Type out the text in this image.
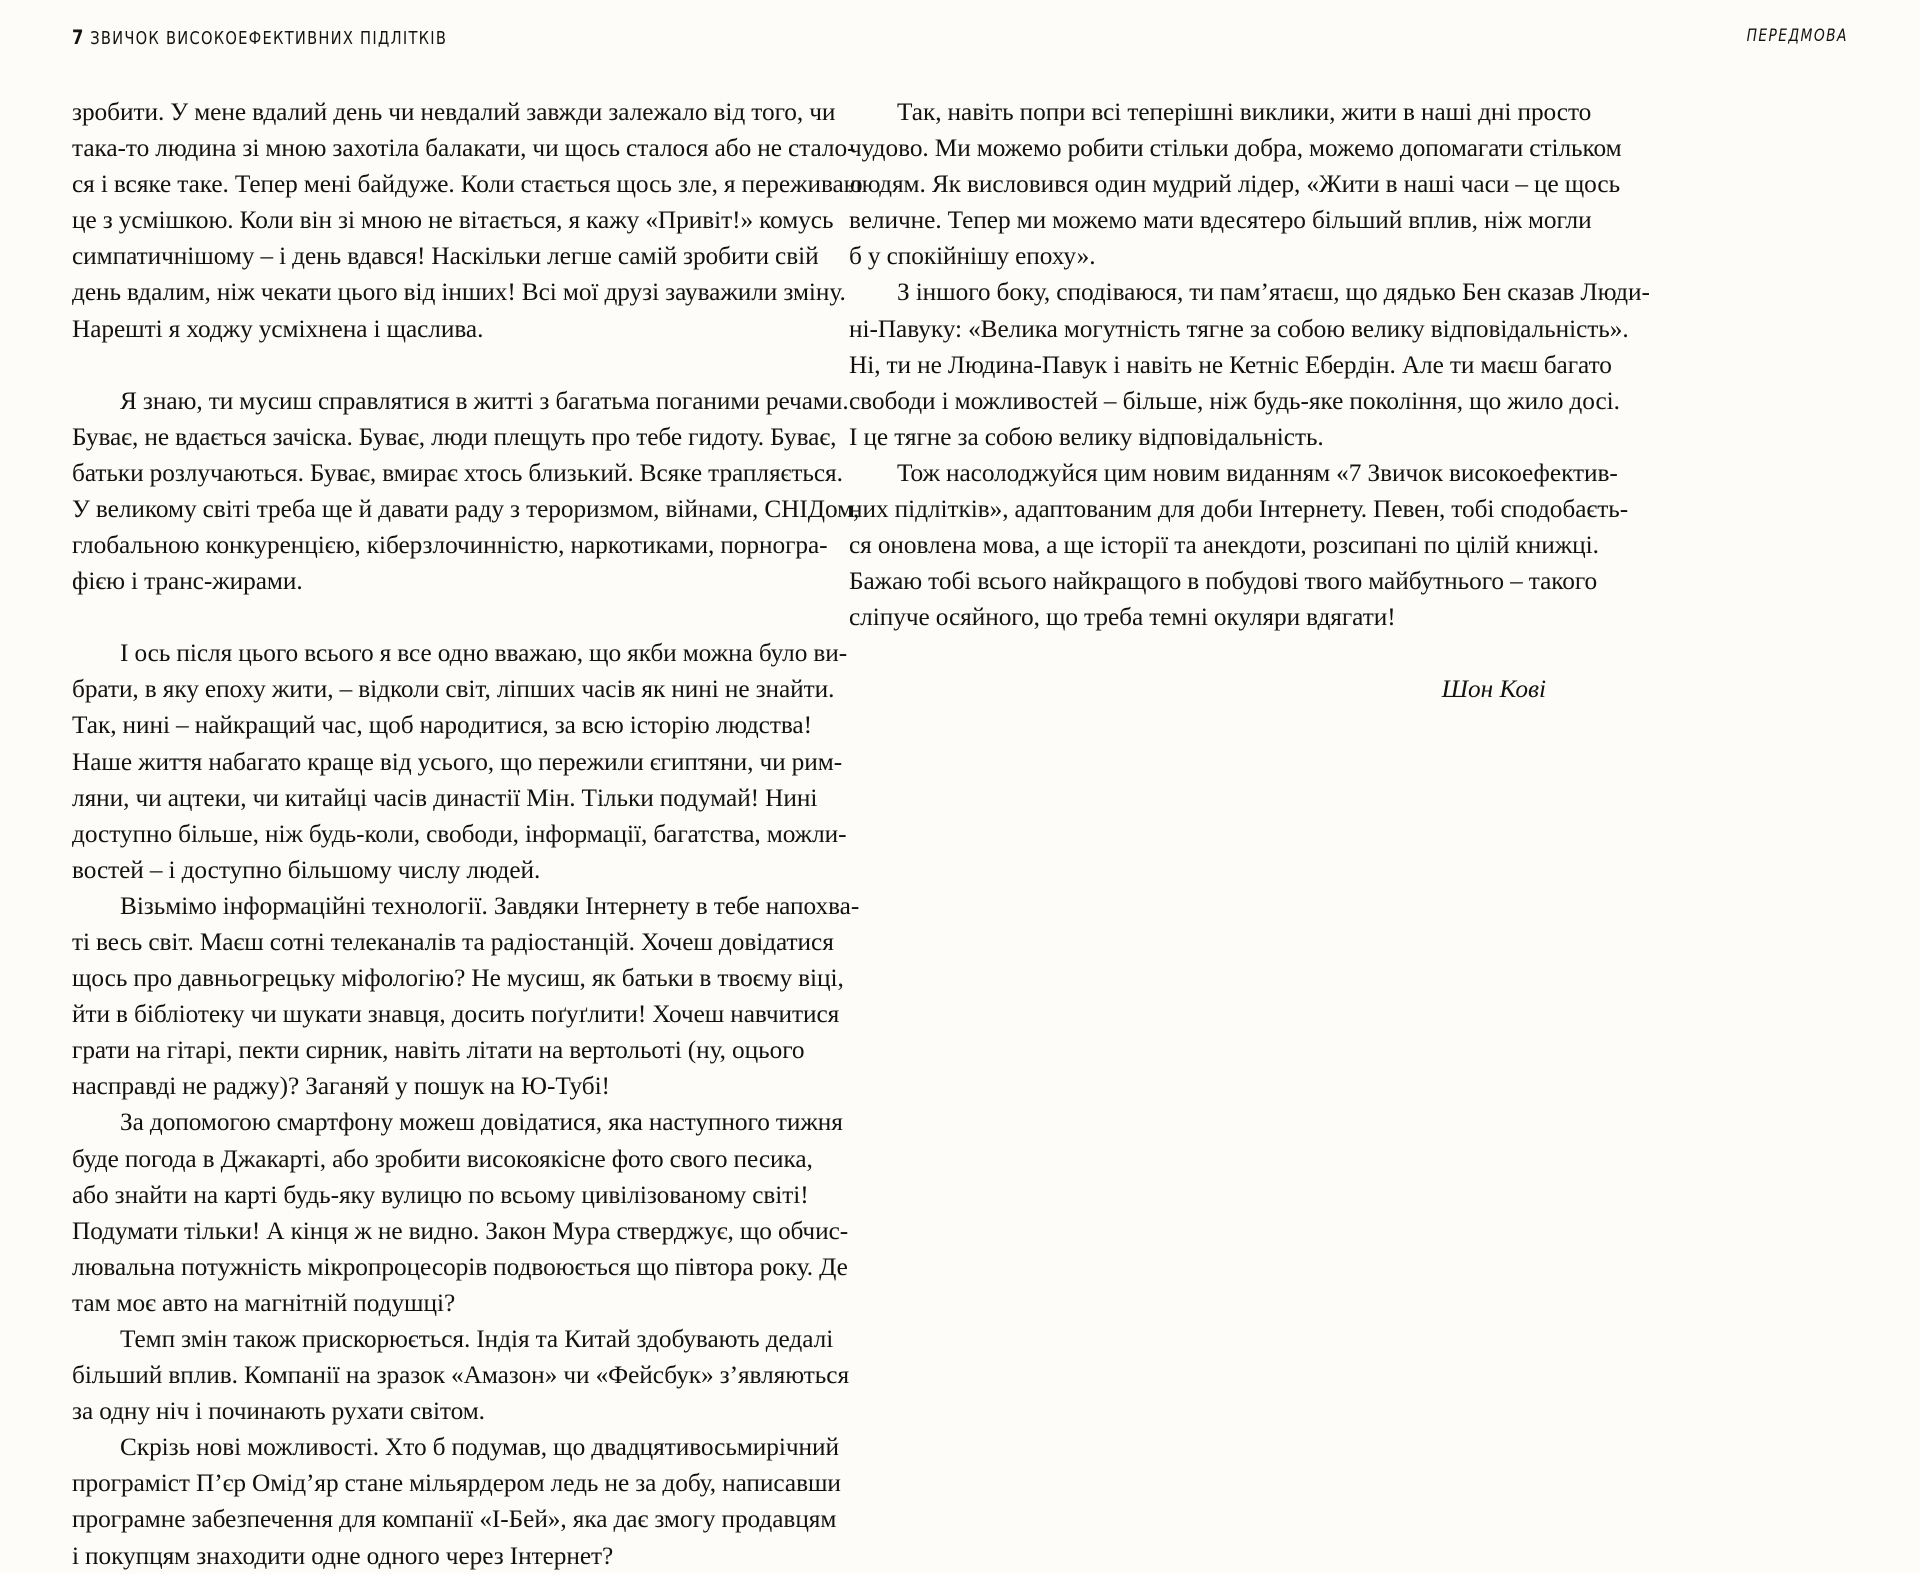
7 ЗВИЧОК ВИСОКОЕФЕКТИВНИХ ПІДЛІТКІВ	ПЕРЕДМОВА

зробити. У мене вдалий день чи невдалий завжди залежало від того, чи
така-то людина зі мною захотіла балакати, чи щось сталося або не стало-
ся і всяке таке. Тепер мені байдуже. Коли стається щось зле, я переживаю
це з усмішкою. Коли він зі мною не вітається, я кажу «Привіт!» комусь
симпатичнішому – і день вдався! Наскільки легше самій зробити свій
день вдалим, ніж чекати цього від інших! Всі мої друзі зауважили зміну.
Нарешті я ходжу усміхнена і щаслива.

Я знаю, ти мусиш справлятися в житті з багатьма поганими речами.
Буває, не вдається зачіска. Буває, люди плещуть про тебе гидоту. Буває,
батьки розлучаються. Буває, вмирає хтось близький. Всяке трапляється.
У великому світі треба ще й давати раду з тероризмом, війнами, СНІДом,
глобальною конкуренцією, кіберзлочинністю, наркотиками, порногра-
фією і транс-жирами.

І ось після цього всього я все одно вважаю, що якби можна було ви-
брати, в яку епоху жити, – відколи світ, ліпших часів як нині не знайти.
Так, нині – найкращий час, щоб народитися, за всю історію людства!
Наше життя набагато краще від усього, що пережили єгиптяни, чи рим-
ляни, чи ацтеки, чи китайці часів династії Мін. Тільки подумай! Нині
доступно більше, ніж будь-коли, свободи, інформації, багатства, можли-
востей – і доступно більшому числу людей.

Візьмімо інформаційні технології. Завдяки Інтернету в тебе напохва-
ті весь світ. Маєш сотні телеканалів та радіостанцій. Хочеш довідатися
щось про давньогрецьку міфологію? Не мусиш, як батьки в твоєму віці,
йти в бібліотеку чи шукати знавця, досить поґуґлити! Хочеш навчитися
грати на гітарі, пекти сирник, навіть літати на вертольоті (ну, оцього
насправді не раджу)? Заганяй у пошук на Ю-Тубі!

За допомогою смартфону можеш довідатися, яка наступного тижня
буде погода в Джакарті, або зробити високоякісне фото свого песика,
або знайти на карті будь-яку вулицю по всьому цивілізованому світі!
Подумати тільки! А кінця ж не видно. Закон Мура стверджує, що обчис-
лювальна потужність мікропроцесорів подвоюється що півтора року. Де
там моє авто на магнітній подушці?

Темп змін також прискорюється. Індія та Китай здобувають дедалі
більший вплив. Компанії на зразок «Амазон» чи «Фейсбук» з’являються
за одну ніч і починають рухати світом.

Скрізь нові можливості. Хто б подумав, що двадцятивосьмирічний
програміст П’єр Омід’яр стане мільярдером ледь не за добу, написавши
програмне забезпечення для компанії «І-Бей», яка дає змогу продавцям
і покупцям знаходити одне одного через Інтернет?

Так, навіть попри всі теперішні виклики, жити в наші дні просто
чудово. Ми можемо робити стільки добра, можемо допомагати стільком
людям. Як висловився один мудрий лідер, «Жити в наші часи – це щось
величне. Тепер ми можемо мати вдесятеро більший вплив, ніж могли
б у спокійнішу епоху».

З іншого боку, сподіваюся, ти пам’ятаєш, що дядько Бен сказав Люди-
ні-Павуку: «Велика могутність тягне за собою велику відповідальність».
Ні, ти не Людина-Павук і навіть не Кетніс Ебердін. Але ти маєш багато
свободи і можливостей – більше, ніж будь-яке покоління, що жило досі.
І це тягне за собою велику відповідальність.

Тож насолоджуйся цим новим виданням «7 Звичок високоефектив-
них підлітків», адаптованим для доби Інтернету. Певен, тобі сподобаєть-
ся оновлена мова, а ще історії та анекдоти, розсипані по цілій книжці.
Бажаю тобі всього найкращого в побудові твого майбутнього – такого
сліпуче осяйного, що треба темні окуляри вдягати!

Шон Кові
